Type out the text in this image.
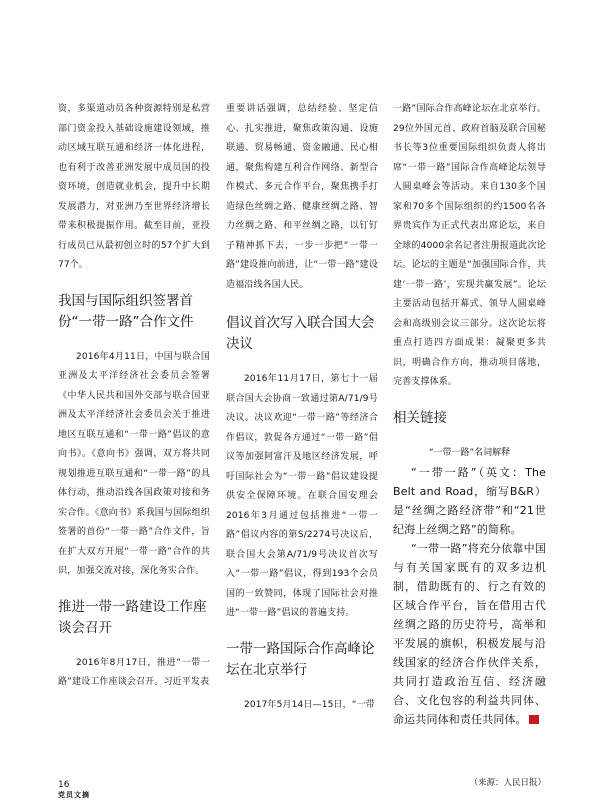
资，多渠道动员各种资源特别是私营部门资金投入基础设施建设领域，推动区域互联互通和经济一体化进程，也有利于改善亚洲发展中成员国的投资环境，创造就业机会，提升中长期发展潜力，对亚洲乃至世界经济增长带来积极提振作用。截至目前，亚投行成员已从最初创立时的57个扩大到77个。

我国与国际组织签署首份“一带一路”合作文件

2016年4月11日，中国与联合国亚洲及太平洋经济社会委员会签署《中华人民共和国外交部与联合国亚洲及太平洋经济社会委员会关于推进地区互联互通和“一带一路”倡议的意向书》。《意向书》强调，双方将共同规划推进互联互通和“一带一路”的具体行动，推动沿线各国政策对接和务实合作。《意向书》系我国与国际组织签署的首份“一带一路”合作文件，旨在扩大双方开展“一带一路”合作的共识，加强交流对接，深化务实合作。

推进一带一路建设工作座谈会召开

2016年8月17日，推进“一带一路”建设工作座谈会召开。习近平发表

重要讲话强调，总结经验、坚定信心、扎实推进，聚焦政策沟通、设施联通、贸易畅通、资金融通、民心相通，聚焦构建互利合作网络、新型合作模式、多元合作平台，聚焦携手打造绿色丝绸之路、健康丝绸之路、智力丝绸之路、和平丝绸之路，以钉钉子精神抓下去，一步一步把“一带一路”建设推向前进，让“一带一路”建设造福沿线各国人民。

倡议首次写入联合国大会决议

2016年11月17日，第七十一届联合国大会协商一致通过第A/71/9号决议。决议欢迎“一带一路”等经济合作倡议，敦促各方通过“一带一路”倡议等加强阿富汗及地区经济发展，呼吁国际社会为“一带一路”倡议建设提供安全保障环境。在联合国安理会2016年3月通过包括推进“一带一路”倡议内容的第S/2274号决议后，联合国大会第A/71/9号决议首次写入“一带一路”倡议，得到193个会员国的一致赞同，体现了国际社会对推进“一带一路”倡议的普遍支持。

一带一路国际合作高峰论坛在北京举行

2017年5月14日—15日，“一带

一路”国际合作高峰论坛在北京举行。29位外国元首、政府首脑及联合国秘书长等3位重要国际组织负责人将出席“一带一路”国际合作高峰论坛领导人圆桌峰会等活动。来自130多个国家和70多个国际组织的约1500名各界贵宾作为正式代表出席论坛，来自全球的4000余名记者注册报道此次论坛。论坛的主题是“加强国际合作，共建‘一带一路’，实现共赢发展”。论坛主要活动包括开幕式、领导人圆桌峰会和高级别会议三部分。这次论坛将重点打造四方面成果：凝聚更多共识，明确合作方向，推动项目落地，完善支撑体系。

相关链接

“一带一路”名词解释

“一带一路”（英文：The Belt and Road，缩写B&R）是“丝绸之路经济带”和“21世纪海上丝绸之路”的简称。

“一带一路”将充分依靠中国与有关国家既有的双多边机制，借助既有的、行之有效的区域合作平台，旨在借用古代丝绸之路的历史符号，高举和平发展的旗帜，积极发展与沿线国家的经济合作伙伴关系，共同打造政治互信、经济融合、文化包容的利益共同体、命运共同体和责任共同体。	V

（来源：人民日报）
16
党员文摘
